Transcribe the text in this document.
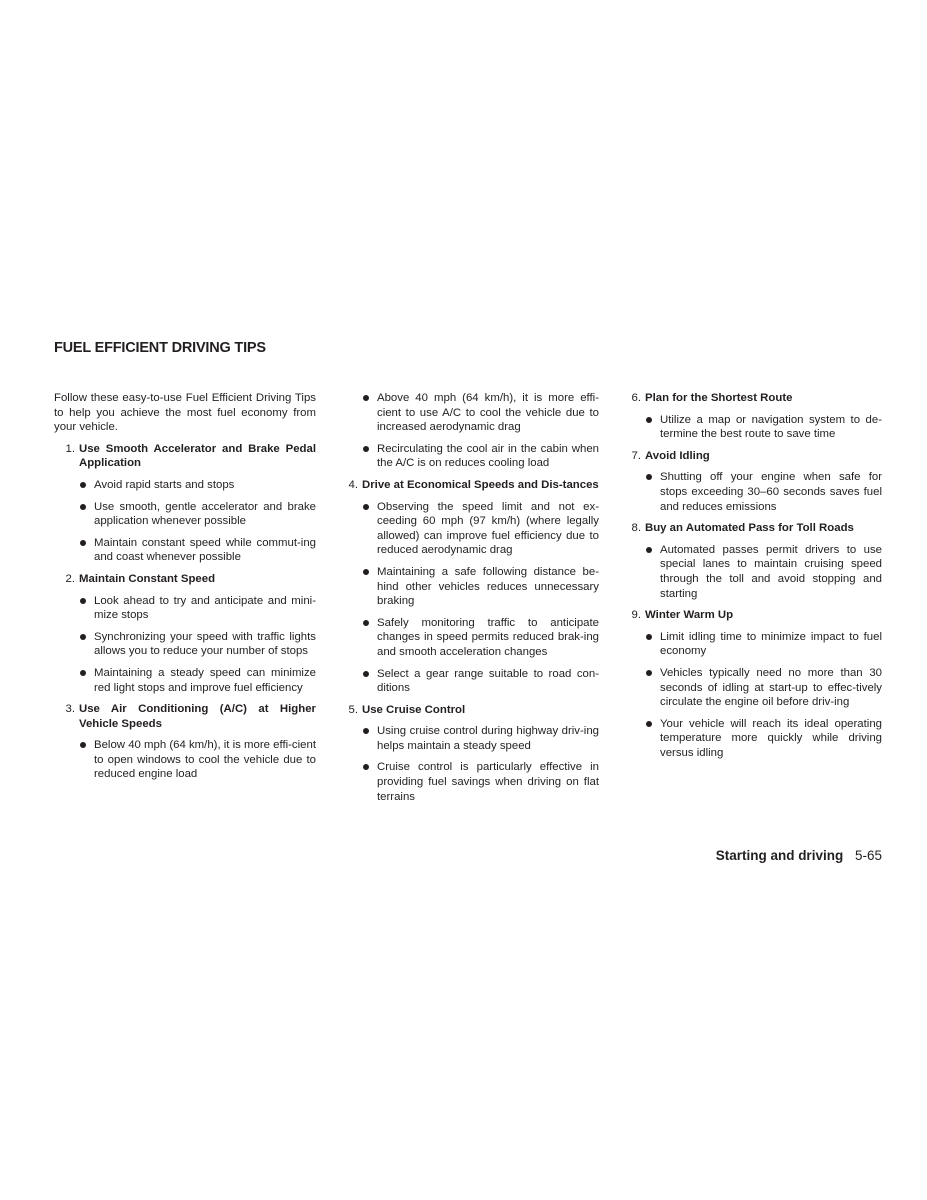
FUEL EFFICIENT DRIVING TIPS

Follow these easy-to-use Fuel Efficient Driving Tips to help you achieve the most fuel economy from your vehicle.

1. Use Smooth Accelerator and Brake Pedal Application
Avoid rapid starts and stops
Use smooth, gentle accelerator and brake application whenever possible
Maintain constant speed while commut-ing and coast whenever possible
2. Maintain Constant Speed
Look ahead to try and anticipate and mini-mize stops
Synchronizing your speed with traffic lights allows you to reduce your number of stops
Maintaining a steady speed can minimize red light stops and improve fuel efficiency
3. Use Air Conditioning (A/C) at Higher Vehicle Speeds
Below 40 mph (64 km/h), it is more effi-cient to open windows to cool the vehicle due to reduced engine load
Above 40 mph (64 km/h), it is more effi-cient to use A/C to cool the vehicle due to increased aerodynamic drag
Recirculating the cool air in the cabin when the A/C is on reduces cooling load
4. Drive at Economical Speeds and Dis-tances
Observing the speed limit and not ex-ceeding 60 mph (97 km/h) (where legally allowed) can improve fuel efficiency due to reduced aerodynamic drag
Maintaining a safe following distance be-hind other vehicles reduces unnecessary braking
Safely monitoring traffic to anticipate changes in speed permits reduced brak-ing and smooth acceleration changes
Select a gear range suitable to road con-ditions
5. Use Cruise Control
Using cruise control during highway driv-ing helps maintain a steady speed
Cruise control is particularly effective in providing fuel savings when driving on flat terrains
6. Plan for the Shortest Route
Utilize a map or navigation system to de-termine the best route to save time
7. Avoid Idling
Shutting off your engine when safe for stops exceeding 30–60 seconds saves fuel and reduces emissions
8. Buy an Automated Pass for Toll Roads
Automated passes permit drivers to use special lanes to maintain cruising speed through the toll and avoid stopping and starting
9. Winter Warm Up
Limit idling time to minimize impact to fuel economy
Vehicles typically need no more than 30 seconds of idling at start-up to effec-tively circulate the engine oil before driv-ing
Your vehicle will reach its ideal operating temperature more quickly while driving versus idling
Starting and driving 5-65
